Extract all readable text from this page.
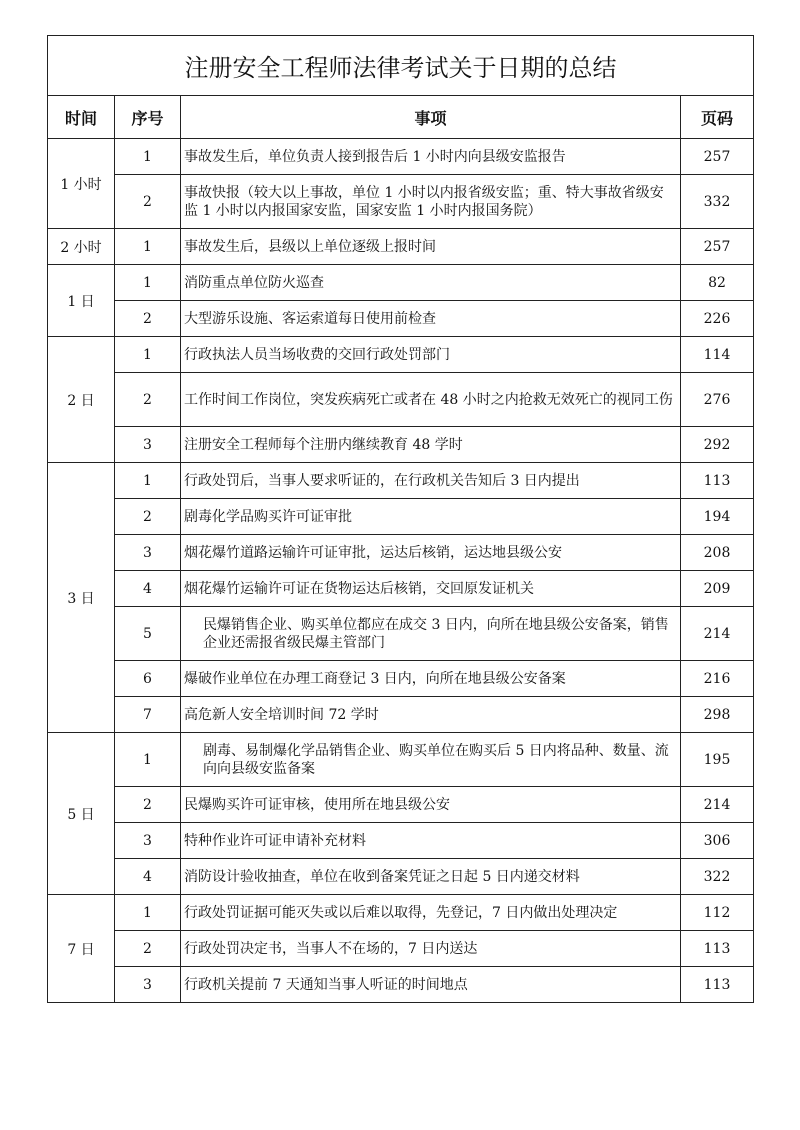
注册安全工程师法律考试关于日期的总结			
时间	序号	事项	页码
1 小时	1	事故发生后，单位负责人接到报告后 1 小时内向县级安监报告	257
	2	事故快报（较大以上事故，单位 1 小时以内报省级安监；重、特大事故省级安监 1 小时以内报国家安监，国家安监 1 小时内报国务院）	332
2 小时	1	事故发生后，县级以上单位逐级上报时间	257
1 日	1	消防重点单位防火巡查	82
	2	大型游乐设施、客运索道每日使用前检查	226
2 日	1	行政执法人员当场收费的交回行政处罚部门	114
	2	工作时间工作岗位，突发疾病死亡或者在 48 小时之内抢救无效死亡的视同工伤	276
	3	注册安全工程师每个注册内继续教育 48 学时	292
3 日	1	行政处罚后，当事人要求听证的，在行政机关告知后 3 日内提出	113
	2	剧毒化学品购买许可证审批	194
	3	烟花爆竹道路运输许可证审批，运达后核销，运达地县级公安	208
	4	烟花爆竹运输许可证在货物运达后核销，交回原发证机关	209
	5	民爆销售企业、购买单位都应在成交 3 日内，向所在地县级公安备案，销售企业还需报省级民爆主管部门	214
	6	爆破作业单位在办理工商登记 3 日内，向所在地县级公安备案	216
	7	高危新人安全培训时间 72 学时	298
5 日	1	剧毒、易制爆化学品销售企业、购买单位在购买后 5 日内将品种、数量、流向向县级安监备案	195
	2	民爆购买许可证审核，使用所在地县级公安	214
	3	特种作业许可证申请补充材料	306
	4	消防设计验收抽查，单位在收到备案凭证之日起 5 日内递交材料	322
7 日	1	行政处罚证据可能灭失或以后难以取得，先登记，7 日内做出处理决定	112
	2	行政处罚决定书，当事人不在场的，7 日内送达	113
	3	行政机关提前 7 天通知当事人听证的时间地点	113
